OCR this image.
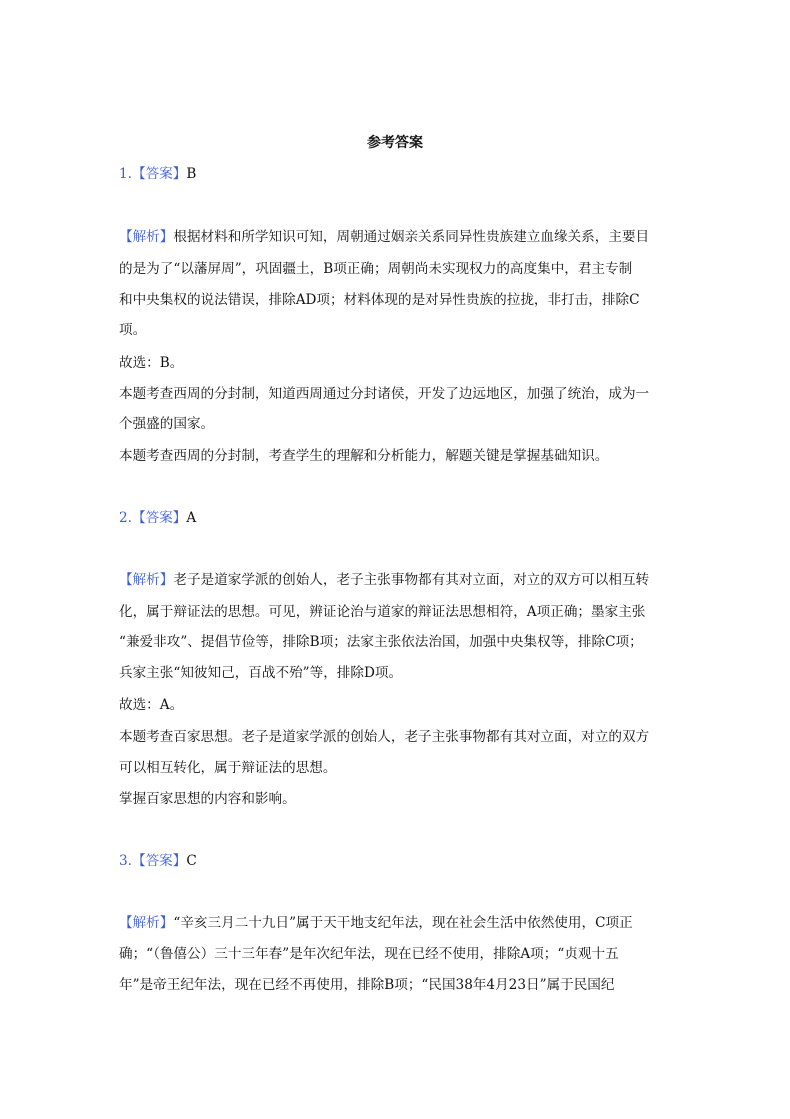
参考答案
1.【答案】B
【解析】根据材料和所学知识可知，周朝通过姻亲关系同异性贵族建立血缘关系，主要目
的是为了“以藩屏周”，巩固疆土，B项正确；周朝尚未实现权力的高度集中，君主专制
和中央集权的说法错误，排除AD项；材料体现的是对异性贵族的拉拢，非打击，排除C
项。
故选：B。
本题考查西周的分封制，知道西周通过分封诸侯，开发了边远地区，加强了统治，成为一
个强盛的国家。
本题考查西周的分封制，考查学生的理解和分析能力，解题关键是掌握基础知识。
2.【答案】A
【解析】老子是道家学派的创始人，老子主张事物都有其对立面，对立的双方可以相互转
化，属于辩证法的思想。可见，辨证论治与道家的辩证法思想相符，A项正确；墨家主张
“兼爱非攻”、提倡节俭等，排除B项；法家主张依法治国，加强中央集权等，排除C项；
兵家主张“知彼知己，百战不殆”等，排除D项。
故选：A。
本题考查百家思想。老子是道家学派的创始人，老子主张事物都有其对立面，对立的双方
可以相互转化，属于辩证法的思想。
掌握百家思想的内容和影响。
3.【答案】C
【解析】“辛亥三月二十九日”属于天干地支纪年法，现在社会生活中依然使用，C项正
确；“（鲁僖公）三十三年春”是年次纪年法，现在已经不使用，排除A项；“贞观十五
年”是帝王纪年法，现在已经不再使用，排除B项；“民国38年4月23日”属于民国纪
